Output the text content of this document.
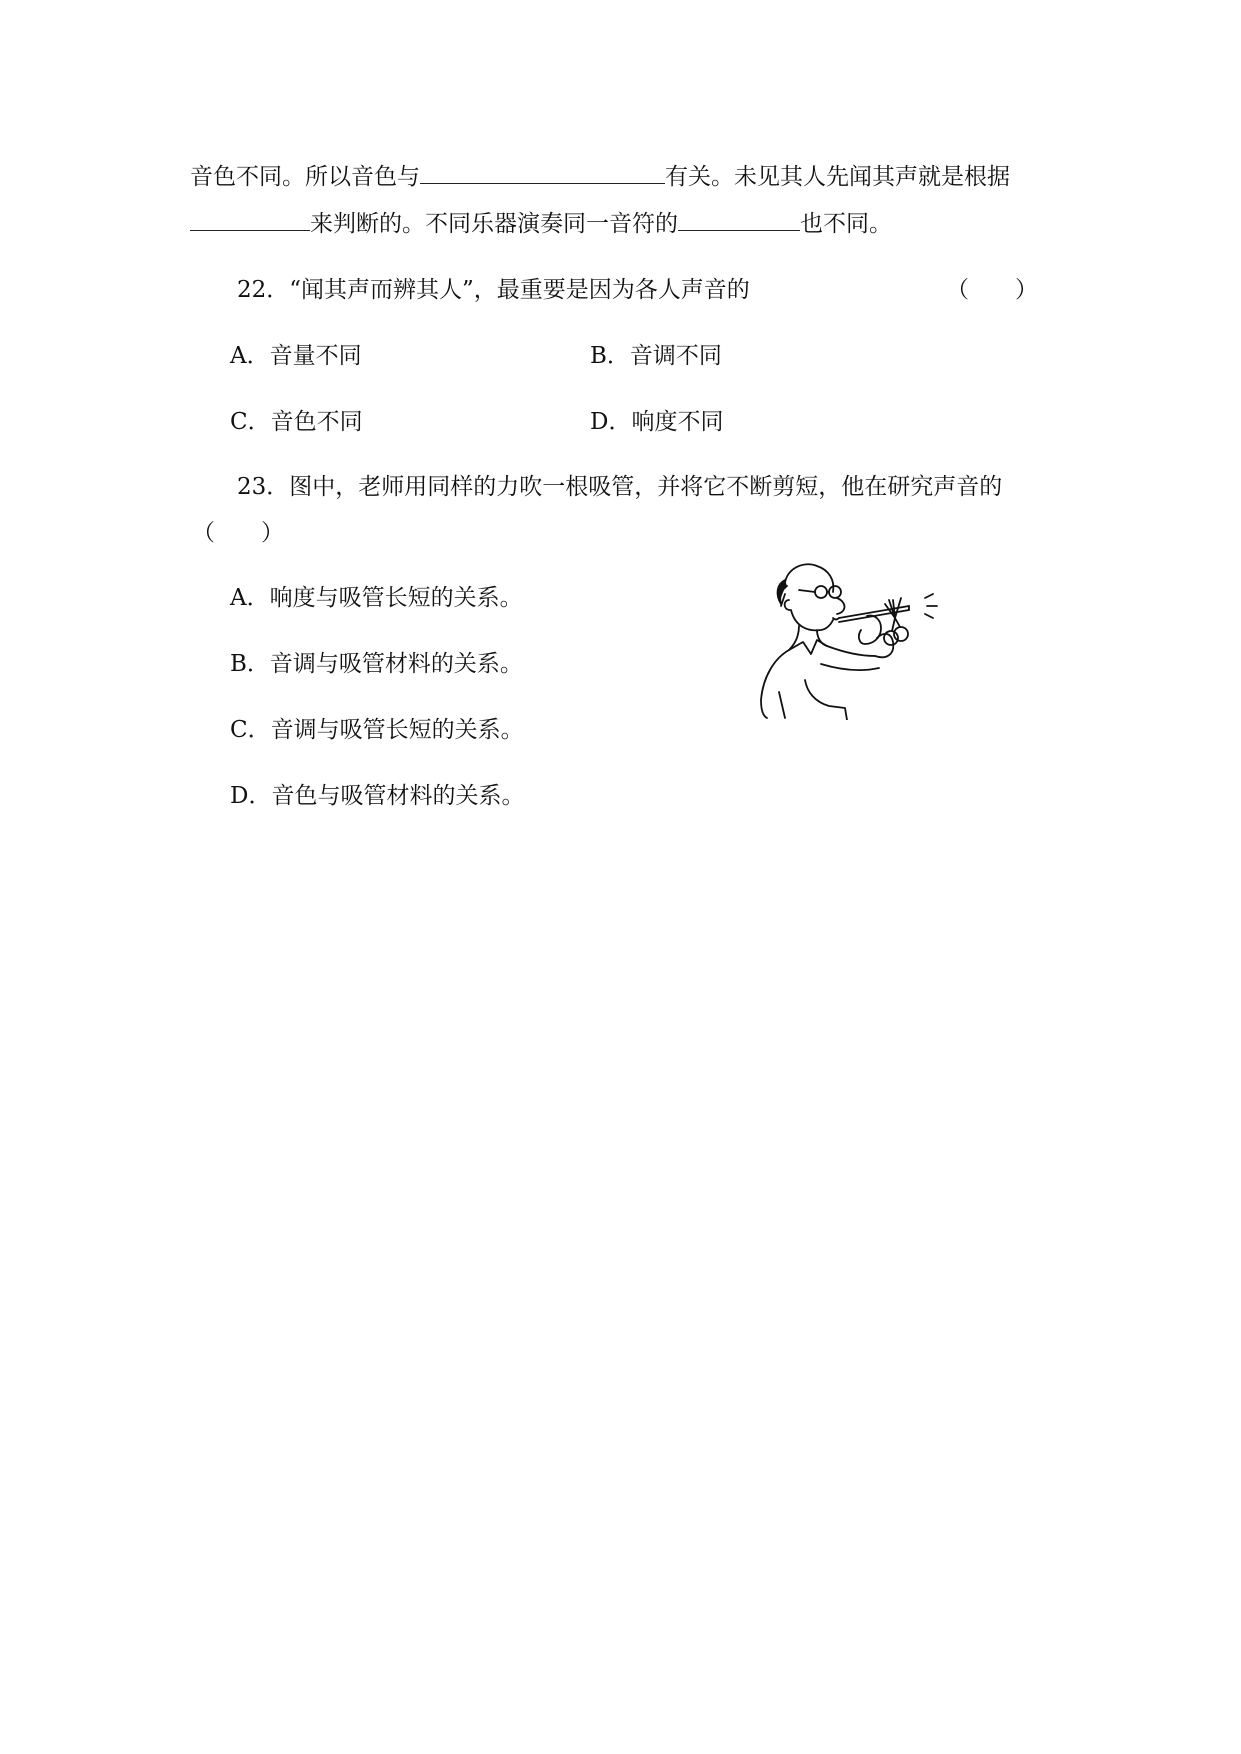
音色不同。所以音色与	有关。未见其人先闻其声就是根据
来判断的。不同乐器演奏同一音符的	也不同。
22．“闻其声而辨其人”，最重要是因为各人声音的	（　　）
A．音量不同	B．音调不同
C．音色不同	D．响度不同
23．图中，老师用同样的力吹一根吸管，并将它不断剪短，他在研究声音的
（　　）
A．响度与吸管长短的关系。
B．音调与吸管材料的关系。
C．音调与吸管长短的关系。
D．音色与吸管材料的关系。
